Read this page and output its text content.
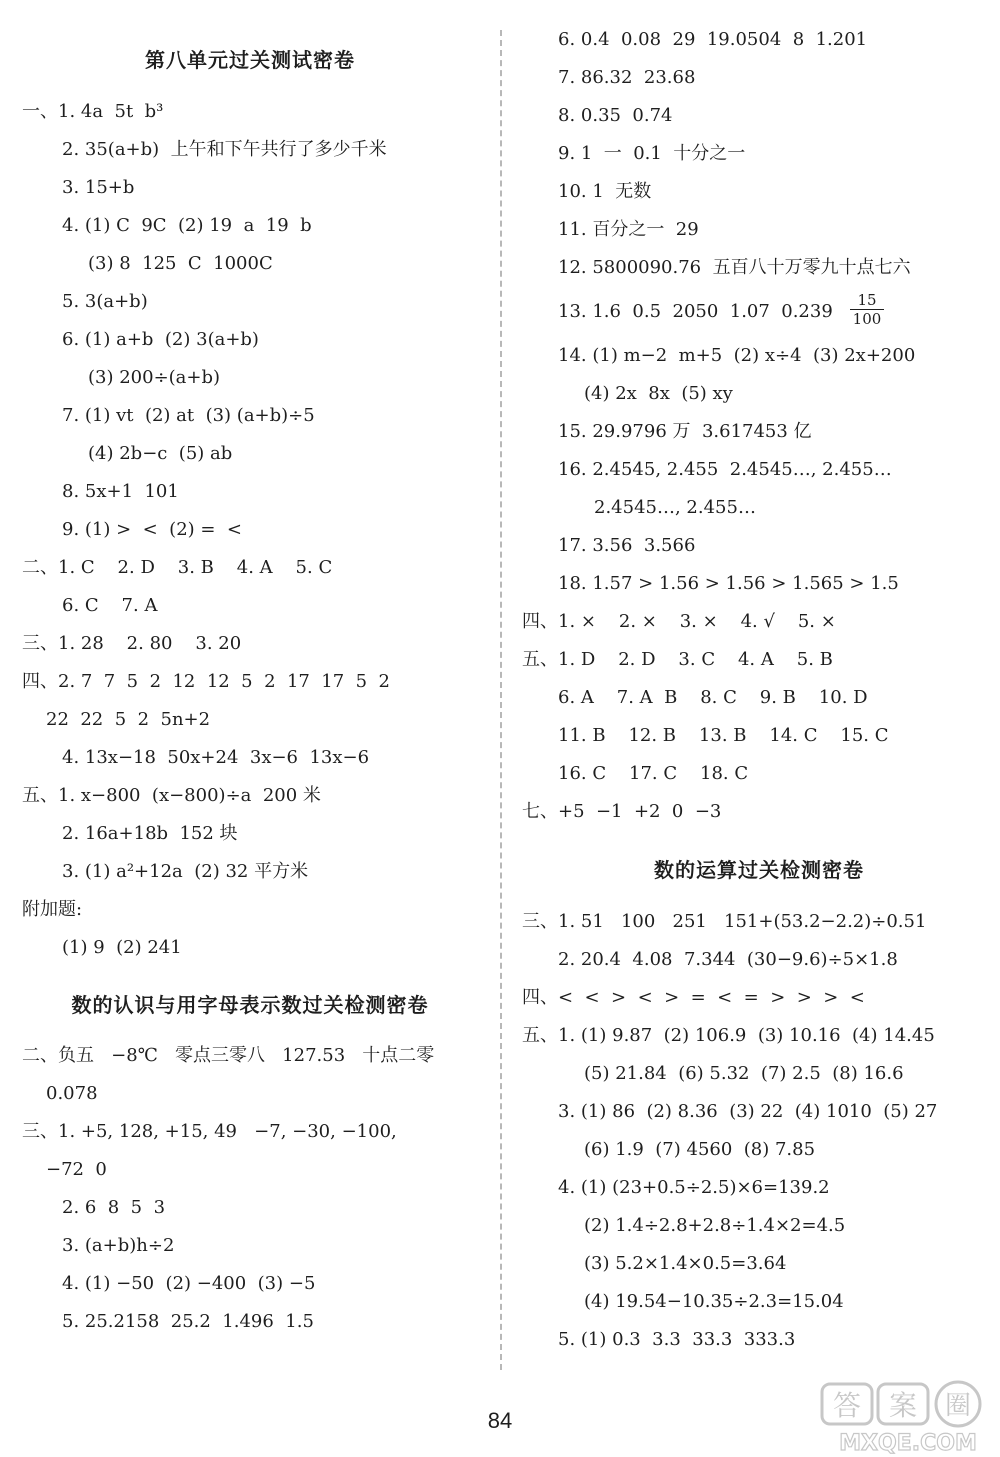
第八单元过关测试密卷
一、1. 4a  5t  b³
2. 35(a+b)  上午和下午共行了多少千米
3. 15+b
4. (1) C  9C  (2) 19  a  19  b
(3) 8  125  C  1000C
5. 3(a+b)
6. (1) a+b  (2) 3(a+b)
(3) 200÷(a+b)
7. (1) vt  (2) at  (3) (a+b)÷5
(4) 2b−c  (5) ab
8. 5x+1  101
9. (1) >  <  (2) =  <
二、1. C    2. D    3. B    4. A    5. C
6. C    7. A
三、1. 28    2. 80    3. 20
四、2. 7  7  5  2  12  12  5  2  17  17  5  2
22  22  5  2  5n+2
4. 13x−18  50x+24  3x−6  13x−6
五、1. x−800  (x−800)÷a  200 米
2. 16a+18b  152 块
3. (1) a²+12a  (2) 32 平方米
附加题:
(1) 9  (2) 241
数的认识与用字母表示数过关检测密卷
二、负五   −8℃   零点三零八   127.53   十点二零
0.078
三、1. +5, 128, +15, 49   −7, −30, −100,
−72  0
2. 6  8  5  3
3. (a+b)h÷2
4. (1) −50  (2) −400  (3) −5
5. 25.2158  25.2  1.496  1.5
6. 0.4  0.08  29  19.0504  8  1.201
7. 86.32  23.68
8. 0.35  0.74
9. 1  一  0.1  十分之一
10. 1  无数
11. 百分之一  29
12. 5800090.76  五百八十万零九十点七六
13. 1.6  0.5  2050  1.07  $0.239 \frac{15}{100}$
14. (1) m−2  m+5  (2) x÷4  (3) 2x+200
(4) 2x  8x  (5) xy
15. 29.9796 万  3.617453 亿
16. 2.4545, 2.455  2.4545…, 2.455…
2.4545…, 2.455…
17. 3.56  3.566
18. 1.57 > 1.56 > 1.56 > 1.565 > 1.5
四、1. ×    2. ×    3. ×    4. √    5. ×
五、1. D    2. D    3. C    4. A    5. B
6. A    7. A  B    8. C    9. B    10. D
11. B    12. B    13. B    14. C    15. C
16. C    17. C    18. C
七、+5  −1  +2  0  −3
数的运算过关检测密卷
三、1. 51   100   251   151+(53.2−2.2)÷0.51
2. 20.4  4.08  7.344  (30−9.6)÷5×1.8
四、<  <  >  <  >  =  <  =  >  >  >  <
五、1. (1) 9.87  (2) 106.9  (3) 10.16  (4) 14.45
(5) 21.84  (6) 5.32  (7) 2.5  (8) 16.6
3. (1) 86  (2) 8.36  (3) 22  (4) 1010  (5) 27
(6) 1.9  (7) 4560  (8) 7.85
4. (1) (23+0.5÷2.5)×6=139.2
(2) 1.4÷2.8+2.8÷1.4×2=4.5
(3) 5.2×1.4×0.5=3.64
(4) 19.54−10.35÷2.3=15.04
5. (1) 0.3  3.3  33.3  333.3
84	答 案 圈
MXQE.COM
